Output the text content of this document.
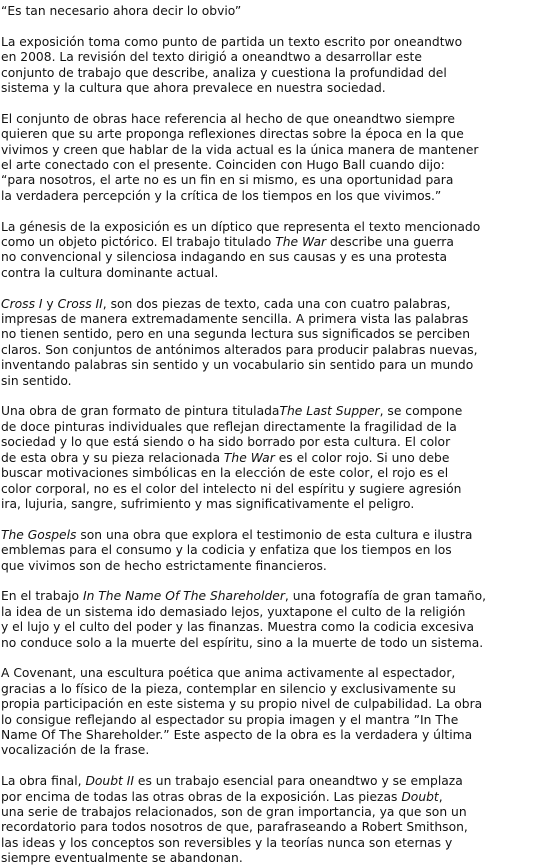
“Es tan necesario ahora decir lo obvio”

La exposición toma como punto de partida un texto escrito por oneandtwo
en 2008. La revisión del texto dirigió a oneandtwo a desarrollar este
conjunto de trabajo que describe, analiza y cuestiona la profundidad del
sistema y la cultura que ahora prevalece en nuestra sociedad.

El conjunto de obras hace referencia al hecho de que oneandtwo siempre
quieren que su arte proponga reflexiones directas sobre la época en la que
vivimos y creen que hablar de la vida actual es la única manera de mantener
el arte conectado con el presente. Coinciden con Hugo Ball cuando dijo:
“para nosotros, el arte no es un fin en si mismo, es una oportunidad para
la verdadera percepción y la crítica de los tiempos en los que vivimos.”

La génesis de la exposición es un díptico que representa el texto mencionado
como un objeto pictórico. El trabajo titulado The War describe una guerra
no convencional y silenciosa indagando en sus causas y es una protesta
contra la cultura dominante actual.

Cross I y Cross II, son dos piezas de texto, cada una con cuatro palabras,
impresas de manera extremadamente sencilla. A primera vista las palabras
no tienen sentido, pero en una segunda lectura sus significados se perciben
claros. Son conjuntos de antónimos alterados para producir palabras nuevas,
inventando palabras sin sentido y un vocabulario sin sentido para un mundo
sin sentido.

Una obra de gran formato de pintura tituladaThe Last Supper, se compone
de doce pinturas individuales que reflejan directamente la fragilidad de la
sociedad y lo que está siendo o ha sido borrado por esta cultura. El color
de esta obra y su pieza relacionada The War es el color rojo. Si uno debe
buscar motivaciones simbólicas en la elección de este color, el rojo es el
color corporal, no es el color del intelecto ni del espíritu y sugiere agresión
ira, lujuria, sangre, sufrimiento y mas significativamente el peligro.

The Gospels son una obra que explora el testimonio de esta cultura e ilustra
emblemas para el consumo y la codicia y enfatiza que los tiempos en los
que vivimos son de hecho estrictamente financieros.

En el trabajo In The Name Of The Shareholder, una fotografía de gran tamaño,
la idea de un sistema ido demasiado lejos, yuxtapone el culto de la religión
y el lujo y el culto del poder y las finanzas. Muestra como la codicia excesiva
no conduce solo a la muerte del espíritu, sino a la muerte de todo un sistema.

A Covenant, una escultura poética que anima activamente al espectador,
gracias a lo físico de la pieza, contemplar en silencio y exclusivamente su
propia participación en este sistema y su propio nivel de culpabilidad. La obra
lo consigue reflejando al espectador su propia imagen y el mantra ”In The
Name Of The Shareholder.” Este aspecto de la obra es la verdadera y última
vocalización de la frase.

La obra final, Doubt II es un trabajo esencial para oneandtwo y se emplaza
por encima de todas las otras obras de la exposición. Las piezas Doubt,
una serie de trabajos relacionados, son de gran importancia, ya que son un
recordatorio para todos nosotros de que, parafraseando a Robert Smithson,
las ideas y los conceptos son reversibles y la teorías nunca son eternas y
siempre eventualmente se abandonan.
